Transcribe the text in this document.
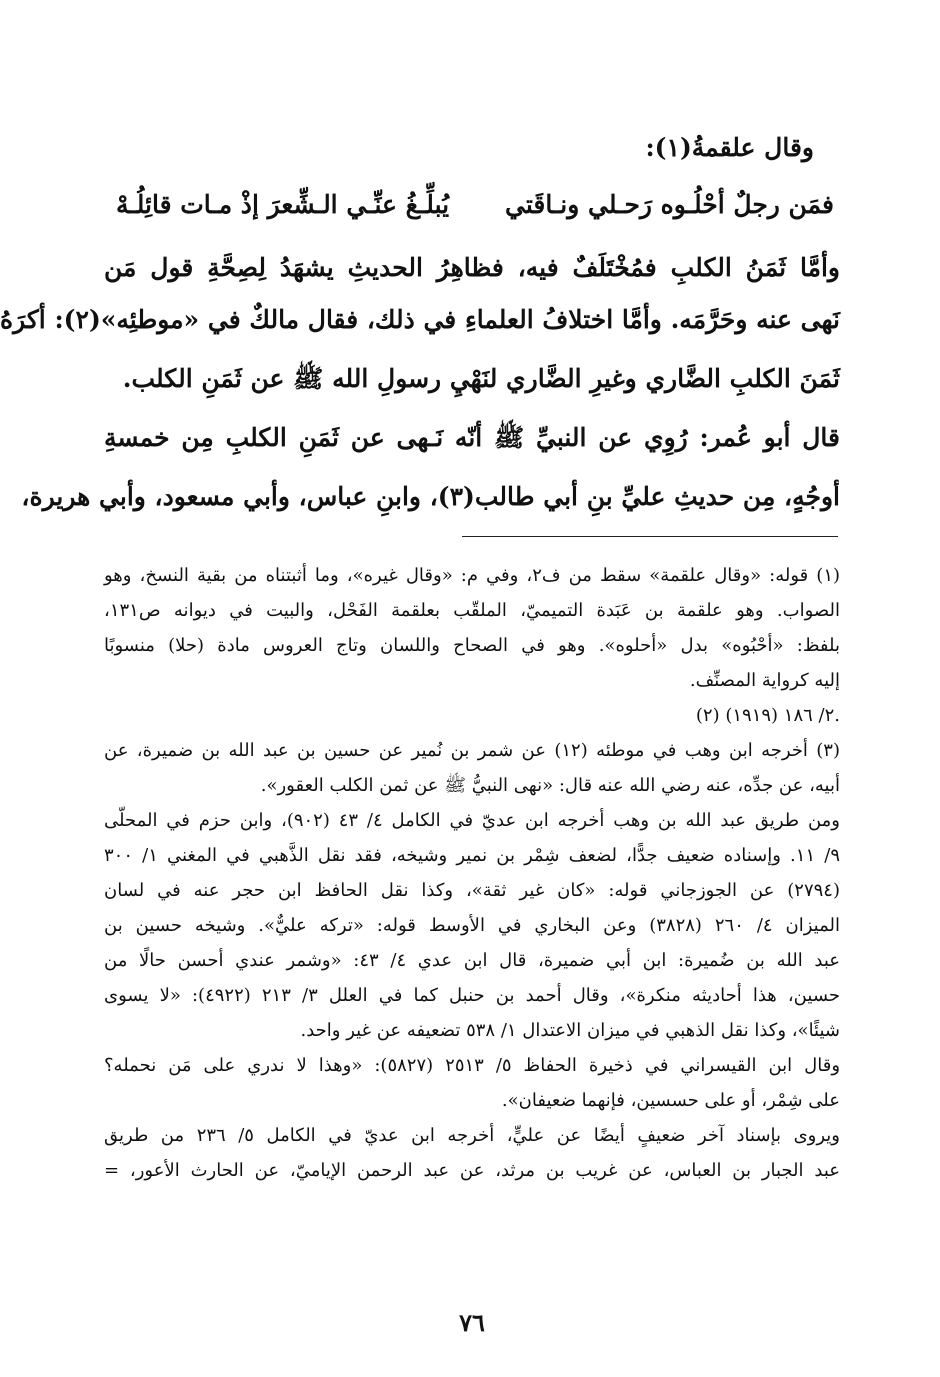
وقال علقمةُ(١):

فمَن رجلٌ أحْلُـوه رَحـلي ونـاقَتي
يُبلِّـغُ عنِّـي الـشِّعرَ إذْ مـات قائِلُـهْ

وأمَّا ثَمَنُ الكلبِ فمُخْتَلَفٌ فيه، فظاهِرُ الحديثِ يشهَدُ لِصِحَّةِ قول مَن

نَهى عنه وحَرَّمَه. وأمَّا اختلافُ العلماءِ في ذلك، فقال مالكٌ في «موطئِه»(٢): أكرَهُ

ثَمَنَ الكلبِ الضَّاري وغيرِ الضَّاري لنَهْيِ رسولِ الله ﷺ عن ثَمَنِ الكلب.

قال أبو عُمر: رُوِي عن النبيِّ ﷺ أنّه نَـهى عن ثَمَنِ الكلبِ مِن خمسةِ

أوجُهٍ، مِن حديثِ عليِّ بنِ أبي طالب(٣)، وابنِ عباس، وأبي مسعود، وأبي هريرة،

(١) قوله: «وقال علقمة» سقط من ف٢، وفي م: «وقال غيره»، وما أثبتناه من بقية النسخ، وهو

الصواب. وهو علقمة بن عَبَدة التميميّ، الملقّب بعلقمة الفَحْل، والبيت في ديوانه ص١٣١،

بلفظ: «أحْبُوه» بدل «أحلوه». وهو في الصحاح واللسان وتاج العروس مادة (حلا) منسوبًا

إليه كرواية المصنِّف.

(٢) ٢/ ١٨٦ (١٩١٩).

(٣) أخرجه ابن وهب في موطئه (١٢) عن شمر بن نُمير عن حسين بن عبد الله بن ضميرة، عن

أبيه، عن جدِّه، عنه رضي الله عنه قال: «نهى النبيُّ ﷺ عن ثمن الكلب العقور».

ومن طريق عبد الله بن وهب أخرجه ابن عديّ في الكامل ٤/ ٤٣ (٩٠٢)، وابن حزم في المحلّى

٩/ ١١. وإسناده ضعيف جدًّا، لضعف شِمْر بن نمير وشيخه، فقد نقل الذَّهبي في المغني ١/ ٣٠٠

(٢٧٩٤) عن الجوزجاني قوله: «كان غير ثقة»، وكذا نقل الحافظ ابن حجر عنه في لسان

الميزان ٤/ ٢٦٠ (٣٨٢٨) وعن البخاري في الأوسط قوله: «تركه عليٌّ». وشيخه حسين بن

عبد الله بن ضُميرة: ابن أبي ضميرة، قال ابن عدي ٤/ ٤٣: «وشمر عندي أحسن حالًا من

حسين، هذا أحاديثه منكرة»، وقال أحمد بن حنبل كما في العلل ٣/ ٢١٣ (٤٩٢٢): «لا يسوى

شيئًا»، وكذا نقل الذهبي في ميزان الاعتدال ١/ ٥٣٨ تضعيفه عن غير واحد.

وقال ابن القيسراني في ذخيرة الحفاظ ٥/ ٢٥١٣ (٥٨٢٧): «وهذا لا ندري على مَن نحمله؟

على شِمْر، أو على حسسين، فإنهما ضعيفان».

ويروى بإسناد آخر ضعيفٍ أيضًا عن عليٍّ، أخرجه ابن عديّ في الكامل ٥/ ٢٣٦ من طريق

عبد الجبار بن العباس، عن غريب بن مرثد، عن عبد الرحمن الإياميّ، عن الحارث الأعور، =

٧٦
